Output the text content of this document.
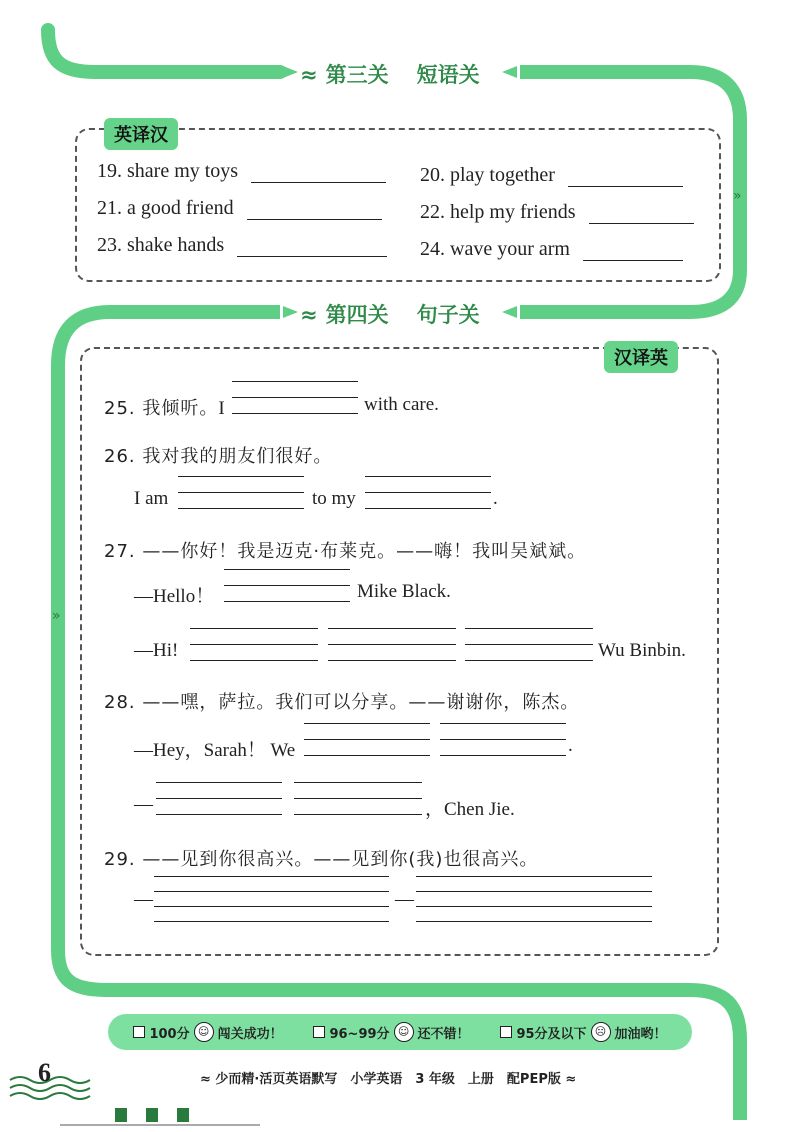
»
»
≈ 第三关 短语关
英译汉
19. share my toys	20. play together
21. a good friend	22. help my friends
23. shake hands	24. wave your arm
≈ 第四关 句子关
汉译英
25. 我倾听。I	with care.
26. 我对我的朋友们很好。
I am	to my	.
27. ——你好！我是迈克·布莱克。——嗨！我叫吴斌斌。
—Hello！	Mike Black.
—Hi!	Wu Binbin.
28. ——嘿，萨拉。我们可以分享。——谢谢你，陈杰。
—Hey，Sarah！ We	.
—	，Chen Jie.
29. ——见到你很高兴。——见到你(我)也很高兴。
—	—
100分 ☺ 闯关成功！	96~99分 ☺ 还不错！	95分及以下 ☹ 加油哟！
6	≈ 少而精·活页英语默写　小学英语　3 年级　上册　配PEP版 ≈
